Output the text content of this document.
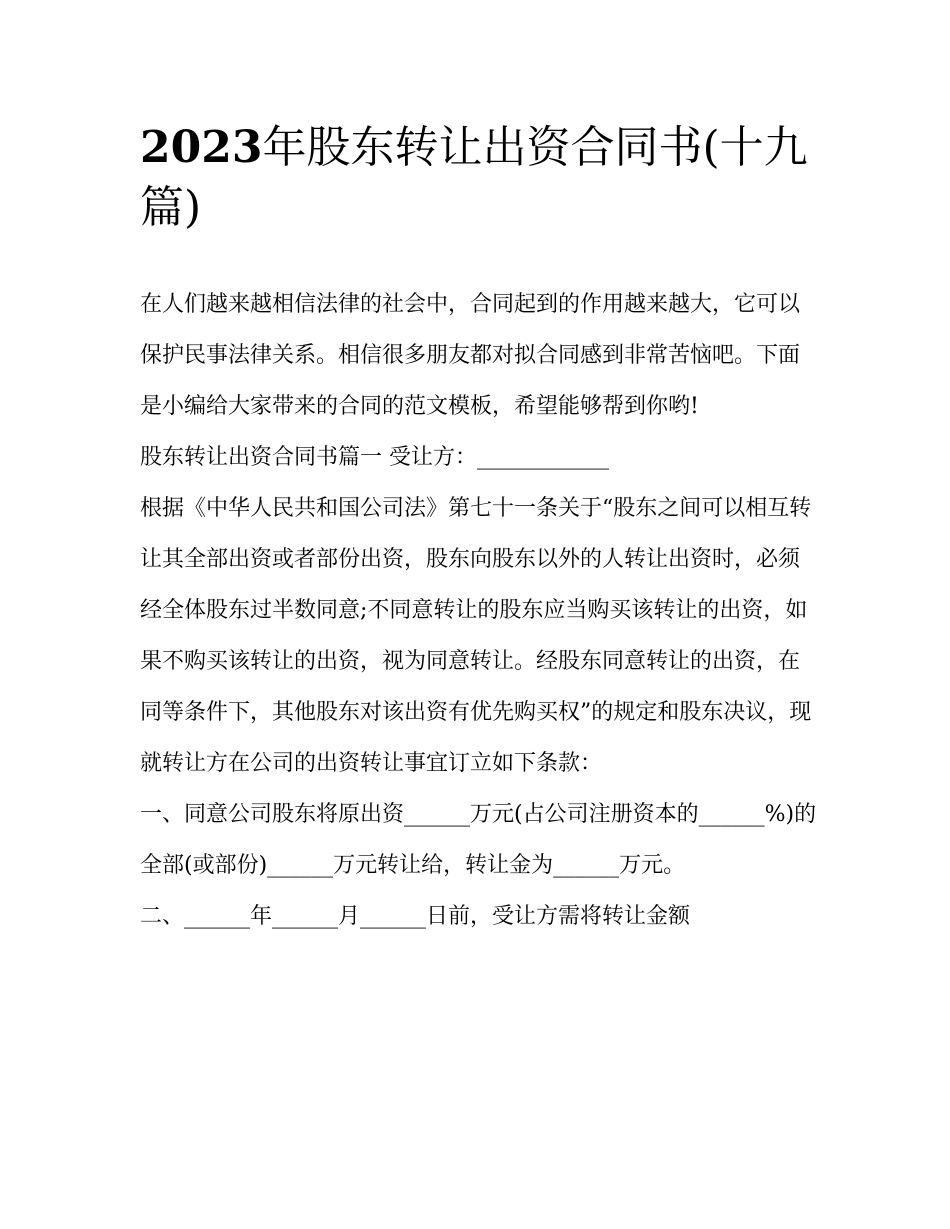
2023年股东转让出资合同书(十九篇)

在人们越来越相信法律的社会中，合同起到的作用越来越大，它可以保护民事法律关系。相信很多朋友都对拟合同感到非常苦恼吧。下面是小编给大家带来的合同的范文模板，希望能够帮到你哟!

股东转让出资合同书篇一 受让方：____________

根据《中华人民共和国公司法》第七十一条关于“股东之间可以相互转让其全部出资或者部份出资，股东向股东以外的人转让出资时，必须经全体股东过半数同意;不同意转让的股东应当购买该转让的出资，如果不购买该转让的出资，视为同意转让。经股东同意转让的出资，在同等条件下，其他股东对该出资有优先购买权”的规定和股东决议，现就转让方在公司的出资转让事宜订立如下条款：

一、同意公司股东将原出资______万元(占公司注册资本的______%)的全部(或部份)______万元转让给，转让金为______万元。

二、______年______月______日前，受让方需将转让金额
